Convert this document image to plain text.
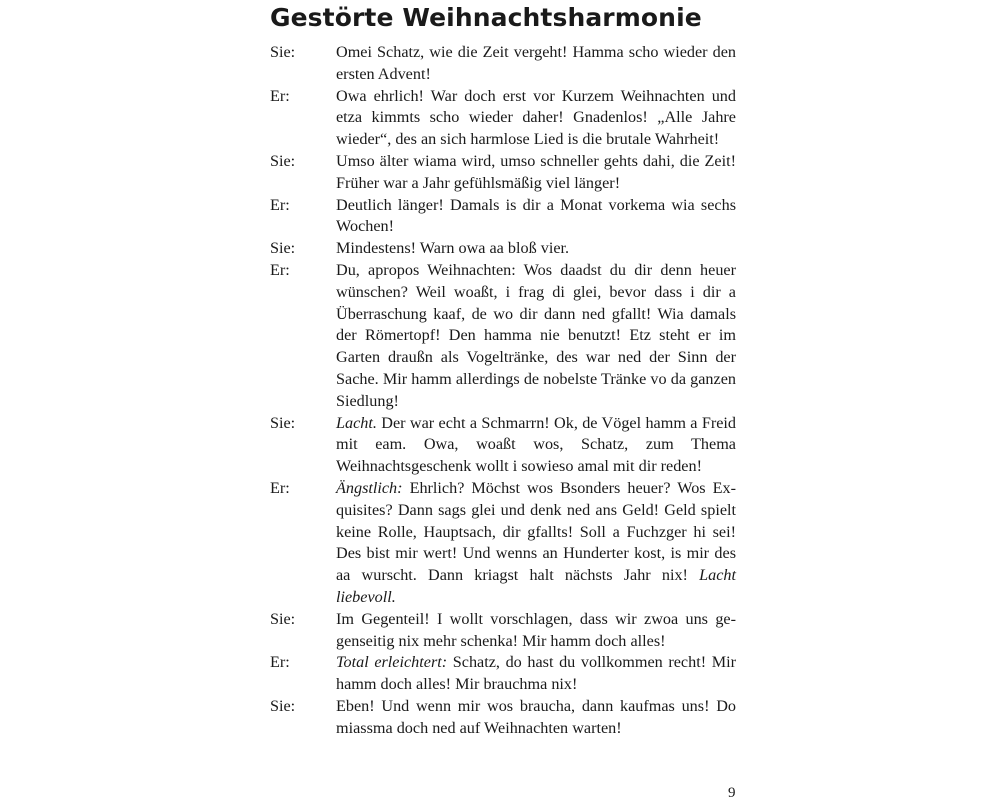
Gestörte Weihnachtsharmonie
Sie:	Omei Schatz, wie die Zeit vergeht! Hamma scho wieder den ersten Advent!
Er:	Owa ehrlich! War doch erst vor Kurzem Weihnachten und etza kimmts scho wieder daher! Gnadenlos! „Alle Jahre wieder“, des an sich harmlose Lied is die brutale Wahrheit!
Sie:	Umso älter wiama wird, umso schneller gehts dahi, die Zeit! Früher war a Jahr gefühlsmäßig viel länger!
Er:	Deutlich länger! Damals is dir a Monat vorkema wia sechs Wochen!
Sie:	Mindestens! Warn owa aa bloß vier.
Er:	Du, apropos Weihnachten: Wos daadst du dir denn heuer wünschen? Weil woaßt, i frag di glei, bevor dass i dir a Überraschung kaaf, de wo dir dann ned gfallt! Wia damals der Römertopf! Den hamma nie benutzt! Etz steht er im Garten draußn als Vogeltränke, des war ned der Sinn der Sache. Mir hamm allerdings de nobelste Tränke vo da ganzen Siedlung!
Sie:	Lacht. Der war echt a Schmarrn! Ok, de Vögel hamm a Freid mit eam. Owa, woaßt wos, Schatz, zum Thema Weihnachtsgeschenk wollt i sowieso amal mit dir reden!
Er:	Ängstlich: Ehrlich? Möchst wos Bsonders heuer? Wos Exquisites? Dann sags glei und denk ned ans Geld! Geld spielt keine Rolle, Hauptsach, dir gfallts! Soll a Fuchzger hi sei! Des bist mir wert! Und wenns an Hunderter kost, is mir des aa wurscht. Dann kriagst halt nächsts Jahr nix! Lacht liebevoll.
Sie:	Im Gegenteil! I wollt vorschlagen, dass wir zwoa uns gegenseitig nix mehr schenka! Mir hamm doch alles!
Er:	Total erleichtert: Schatz, do hast du vollkommen recht! Mir hamm doch alles! Mir brauchma nix!
Sie:	Eben! Und wenn mir wos braucha, dann kaufmas uns! Do miassma doch ned auf Weihnachten warten!
9
